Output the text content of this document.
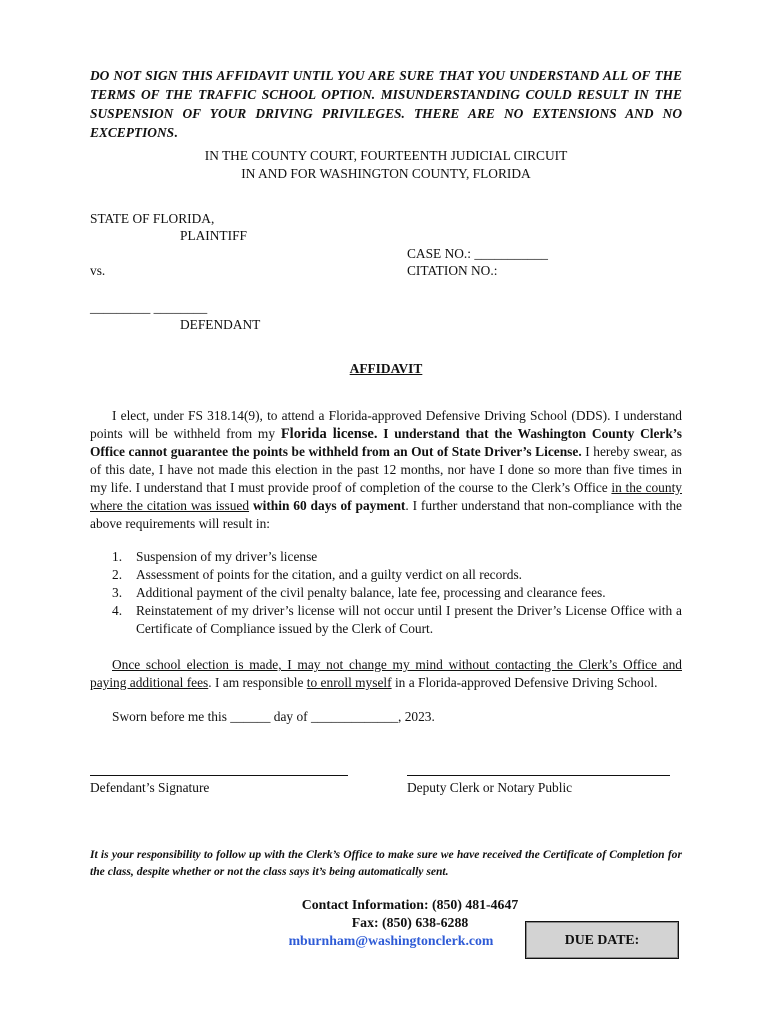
DO NOT SIGN THIS AFFIDAVIT UNTIL YOU ARE SURE THAT YOU UNDERSTAND ALL OF THE TERMS OF THE TRAFFIC SCHOOL OPTION. MISUNDERSTANDING COULD RESULT IN THE SUSPENSION OF YOUR DRIVING PRIVILEGES. THERE ARE NO EXTENSIONS AND NO EXCEPTIONS.
IN THE COUNTY COURT, FOURTEENTH JUDICIAL CIRCUIT
IN AND FOR WASHINGTON COUNTY, FLORIDA
STATE OF FLORIDA,
PLAINTIFF
CASE NO.: ___________
vs.	CITATION NO.:
_________ ________
DEFENDANT
AFFIDAVIT
I elect, under FS 318.14(9), to attend a Florida-approved Defensive Driving School (DDS). I understand points will be withheld from my Florida license. I understand that the Washington County Clerk’s Office cannot guarantee the points be withheld from an Out of State Driver’s License. I hereby swear, as of this date, I have not made this election in the past 12 months, nor have I done so more than five times in my life. I understand that I must provide proof of completion of the course to the Clerk’s Office in the county where the citation was issued within 60 days of payment. I further understand that non-compliance with the above requirements will result in:
1. Suspension of my driver’s license
2. Assessment of points for the citation, and a guilty verdict on all records.
3. Additional payment of the civil penalty balance, late fee, processing and clearance fees.
4. Reinstatement of my driver’s license will not occur until I present the Driver’s License Office with a Certificate of Compliance issued by the Clerk of Court.
Once school election is made, I may not change my mind without contacting the Clerk’s Office and paying additional fees. I am responsible to enroll myself in a Florida-approved Defensive Driving School.
Sworn before me this ______ day of _____________, 2023.
Defendant’s Signature	Deputy Clerk or Notary Public
It is your responsibility to follow up with the Clerk’s Office to make sure we have received the Certificate of Completion for the class, despite whether or not the class says it’s being automatically sent.
Contact Information: (850) 481-4647
Fax: (850) 638-6288
mburnham@washingtonclerk.com	DUE DATE:
